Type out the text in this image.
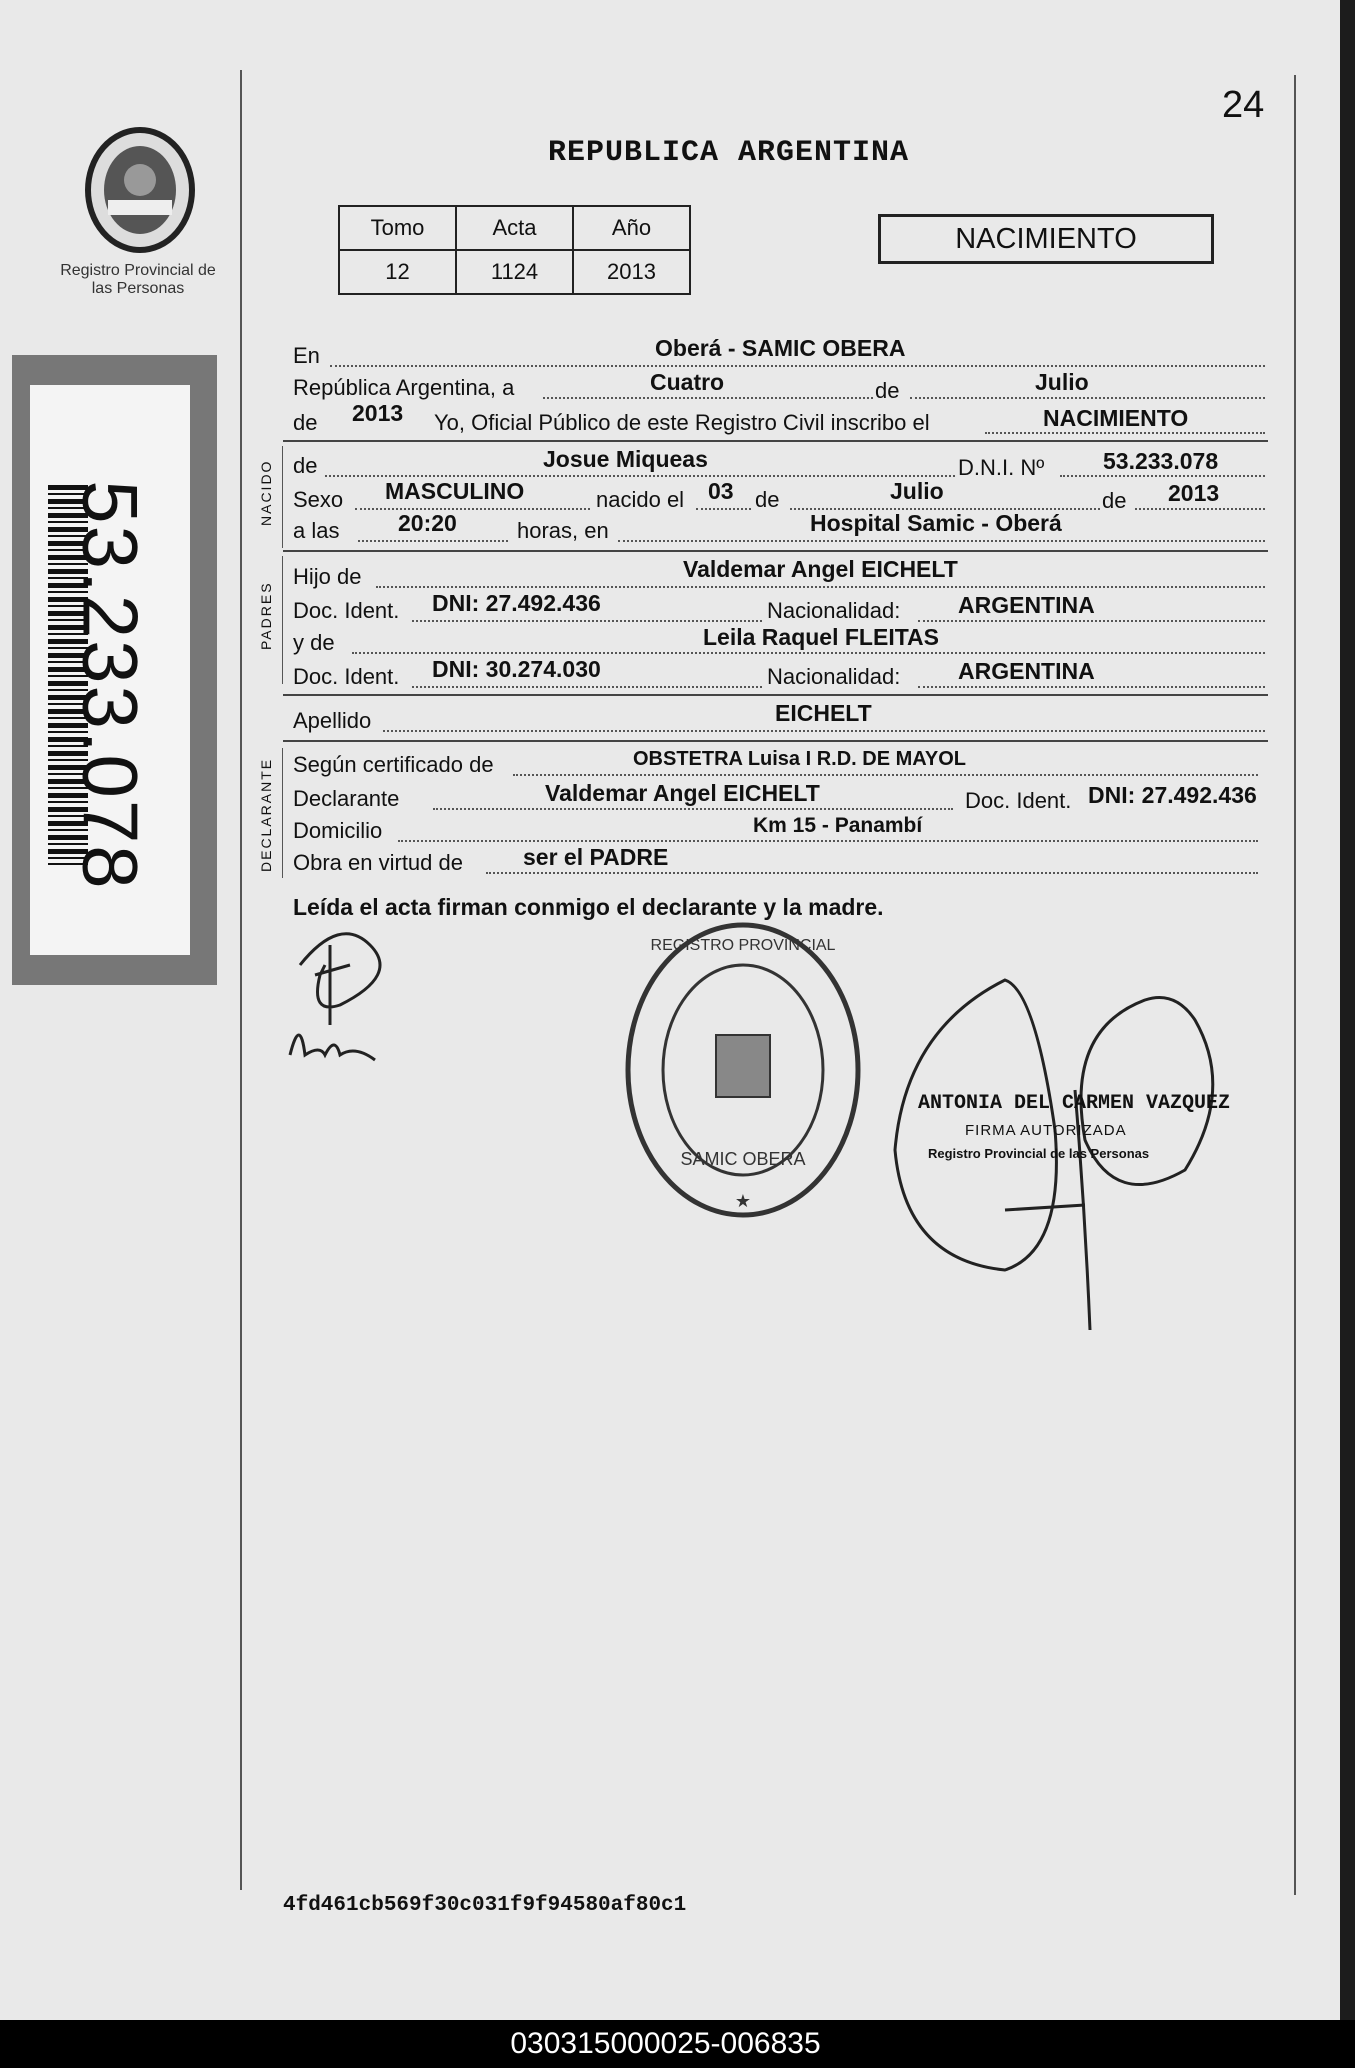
Registro Provincial de las Personas
53.233.078
24
REPUBLICA ARGENTINA
Tomo	Acta	Año
12	1124	2013
NACIMIENTO
En	Oberá - SAMIC OBERA
República Argentina, a	Cuatro	de	Julio
de 2013 Yo, Oficial Público de este Registro Civil inscribo el	NACIMIENTO
NACIDO de	Josue Miqueas	D.N.I. Nº	53.233.078
Sexo MASCULINO	nacido el 03 de	Julio	de 2013
a las	20:20	horas, en	Hospital Samic - Oberá
PADRES
Hijo de	Valdemar Angel EICHELT
Doc. Ident. DNI: 27.492.436	Nacionalidad:	ARGENTINA
y de	Leila Raquel FLEITAS
Doc. Ident. DNI: 30.274.030	Nacionalidad:	ARGENTINA
Apellido	EICHELT
DECLARANTE Según certificado de	OBSTETRA Luisa I R.D. DE MAYOL
Declarante	Valdemar Angel EICHELT	Doc. Ident. DNI: 27.492.436
Domicilio	Km 15 - Panambí
Obra en virtud de	ser el PADRE
Leída el acta firman conmigo el declarante y la madre.
SAMIC OBERA
REGISTRO PROVINCIAL
★
ANTONIA DEL CARMEN VAZQUEZ
FIRMA AUTORIZADA
Registro Provincial de las Personas
4fd461cb569f30c031f9f94580af80c1
030315000025-006835
